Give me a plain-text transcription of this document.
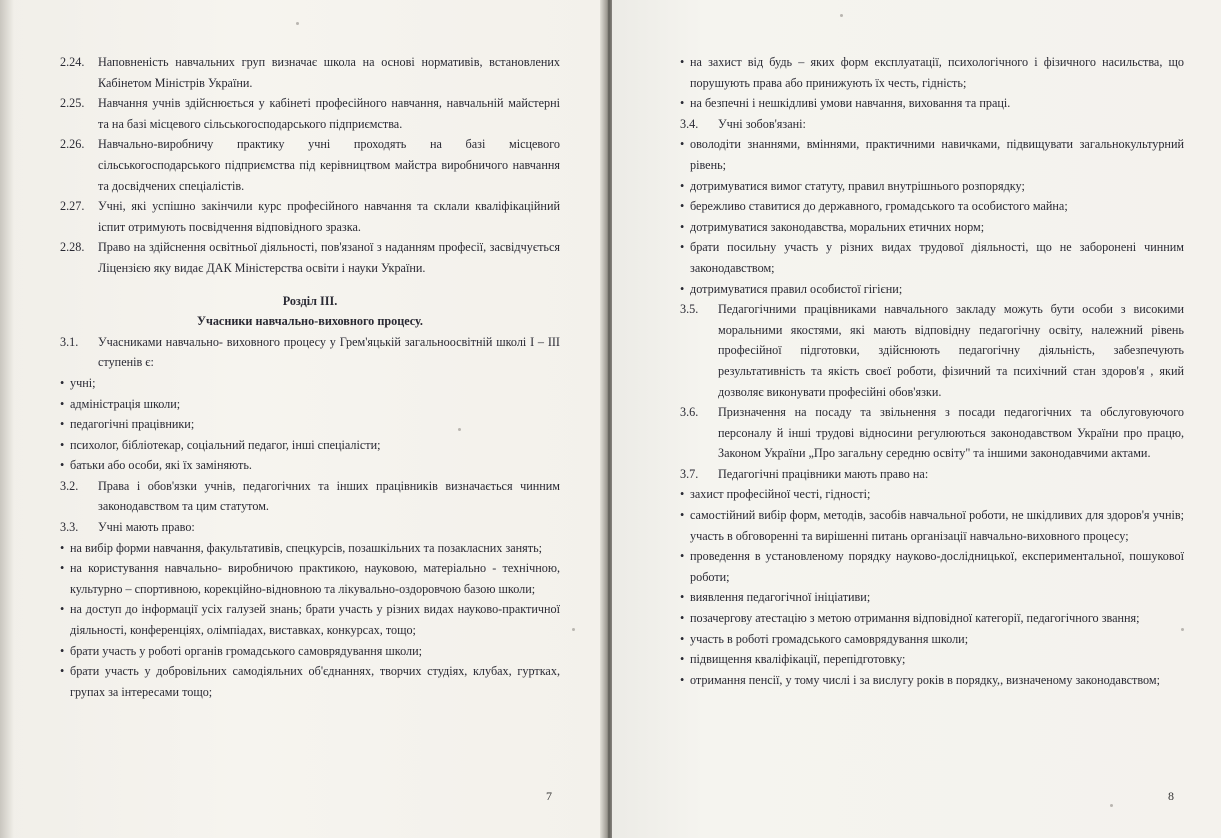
2.24.	Наповненість навчальних груп визначає школа на основі нормативів, встановлених Кабінетом Міністрів України.
2.25.	Навчання учнів здійснюється у кабінеті професійного навчання, навчальній майстерні та на базі місцевого сільськогосподарського підприємства.
2.26.	Навчально-виробничу практику учні проходять на базі місцевого сільськогосподарського підприємства під керівництвом майстра виробничого навчання та досвідчених спеціалістів.
2.27.	Учні, які успішно закінчили курс професійного навчання та склали кваліфікаційний іспит отримують посвідчення відповідного зразка.
2.28.	Право на здійснення освітньої діяльності, пов'язаної з наданням професії, засвідчується Ліцензією яку видає ДАК Міністерства освіти і науки України.

Розділ ІІІ.

Учасники навчально-виховного процесу.

3.1.	Учасниками навчально- виховного процесу у Грем'яцькій загальноосвітній школі І – ІІІ ступенів є:
• учні;
• адміністрація школи;
• педагогічні працівники;
• психолог, бібліотекар, соціальний педагог, інші спеціалісти;
• батьки або особи, які їх заміняють.
3.2.	Права і обов'язки учнів, педагогічних та інших працівників визначається чинним законодавством та цим статутом.
3.3.	Учні мають право:
• на вибір форми навчання, факультативів, спецкурсів, позашкільних та позакласних занять;
• на користування навчально- виробничою практикою, науковою, матеріально - технічною, культурно – спортивною, корекційно-відновною та лікувально-оздоровчою базою школи;
• на доступ до інформації усіх галузей знань; брати участь у різних видах науково-практичної діяльності, конференціях, олімпіадах, виставках, конкурсах, тощо;
• брати участь у роботі органів громадського самоврядування школи;
• брати участь у добровільних самодіяльних об'єднаннях, творчих студіях, клубах, гуртках, групах за інтересами тощо;
7
• на захист від будь – яких форм експлуатації, психологічного і фізичного насильства, що порушують права або принижують їх честь, гідність;
• на безпечні і нешкідливі умови навчання, виховання та праці.
3.4.	Учні зобов'язані:
• оволодіти знаннями, вміннями, практичними навичками, підвищувати загальнокультурний рівень;
• дотримуватися вимог статуту, правил внутрішнього розпорядку;
• бережливо ставитися до державного, громадського та особистого майна;
• дотримуватися законодавства, моральних етичних норм;
• брати посильну участь у різних видах трудової діяльності, що не заборонені чинним законодавством;
• дотримуватися правил особистої гігієни;
3.5.	Педагогічними працівниками навчального закладу можуть бути особи з високими моральними якостями, які мають відповідну педагогічну освіту, належний рівень професійної підготовки, здійснюють педагогічну діяльність, забезпечують результативність та якість своєї роботи, фізичний та психічний стан здоров'я , який дозволяє виконувати професійні обов'язки.
3.6.	Призначення на посаду та звільнення з посади педагогічних та обслуговуючого персоналу й інші трудові відносини регулюються законодавством України про працю, Законом України „Про загальну середню освіту" та іншими законодавчими актами.
3.7.	Педагогічні працівники мають право на:
• захист професійної честі, гідності;
• самостійний вибір форм, методів, засобів навчальної роботи, не шкідливих для здоров'я учнів; участь в обговоренні та вирішенні питань організації навчально-виховного процесу;
• проведення в установленому порядку науково-дослідницької, експериментальної, пошукової роботи;
• виявлення педагогічної ініціативи;
• позачергову атестацію з метою отримання відповідної категорії, педагогічного звання;
• участь в роботі громадського самоврядування школи;
• підвищення кваліфікації, перепідготовку;
• отримання пенсії, у тому числі і за вислугу років в порядку,, визначеному законодавством;
8
